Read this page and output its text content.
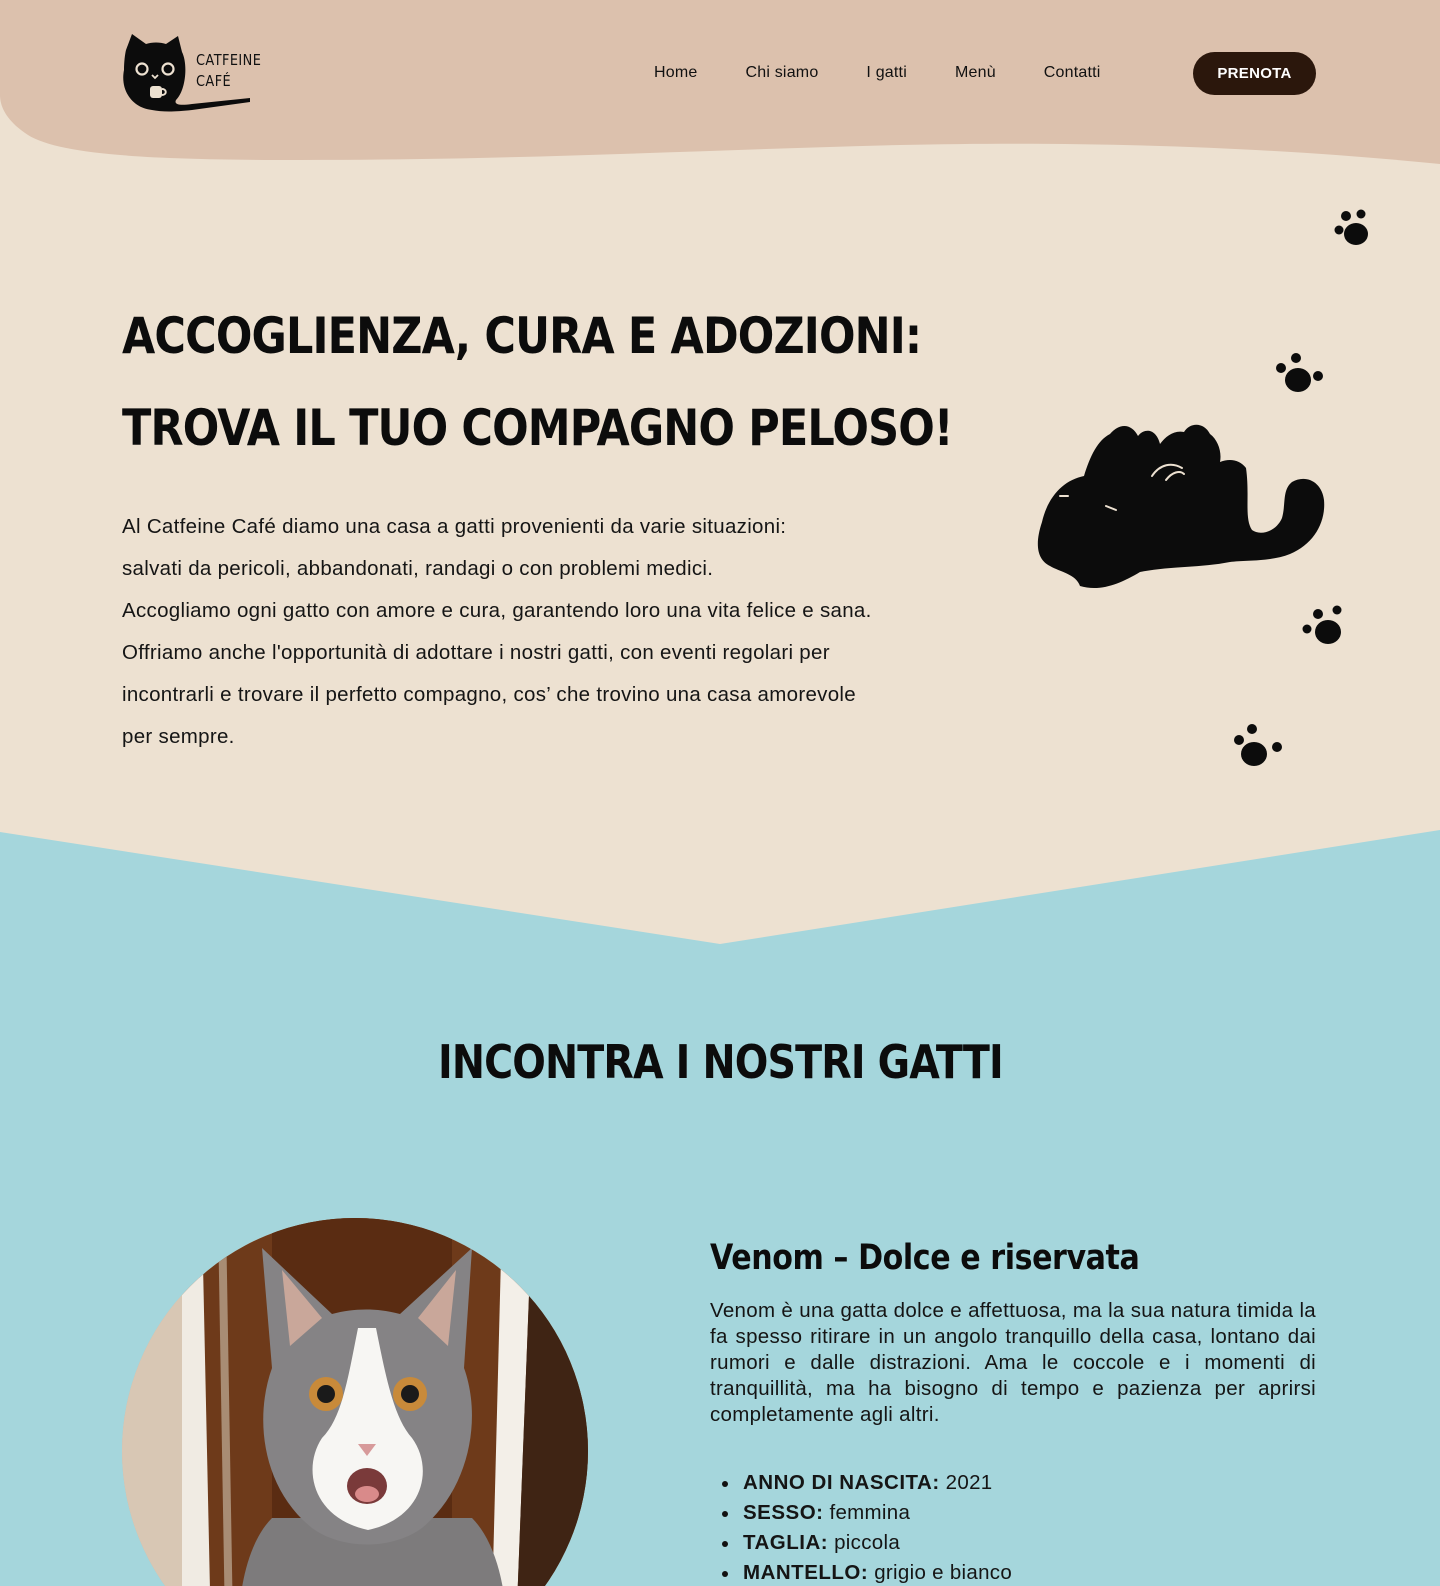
CATFEINE
CAFÉ	Home	Chi siamo	I gatti	Menù	Contatti	PRENOTA
ACCOGLIENZA, CURA E ADOZIONI:
TROVA IL TUO COMPAGNO PELOSO!

Al Catfeine Café diamo una casa a gatti provenienti da varie situazioni:
salvati da pericoli, abbandonati, randagi o con problemi medici.
Accogliamo ogni gatto con amore e cura, garantendo loro una vita felice e sana.
Offriamo anche l'opportunità di adottare i nostri gatti, con eventi regolari per
incontrarli e trovare il perfetto compagno, cos’ che trovino una casa amorevole
per sempre.

INCONTRA I NOSTRI GATTI
Venom – Dolce e riservata

Venom è una gatta dolce e affettuosa, ma la sua natura timida la fa spesso ritirare in un angolo tranquillo della casa, lontano dai rumori e dalle distrazioni. Ama le coccole e i momenti di tranquillità, ma ha bisogno di tempo e pazienza per aprirsi completamente agli altri.

ANNO DI NASCITA: 2021
SESSO: femmina
TAGLIA: piccola
MANTELLO: grigio e bianco
